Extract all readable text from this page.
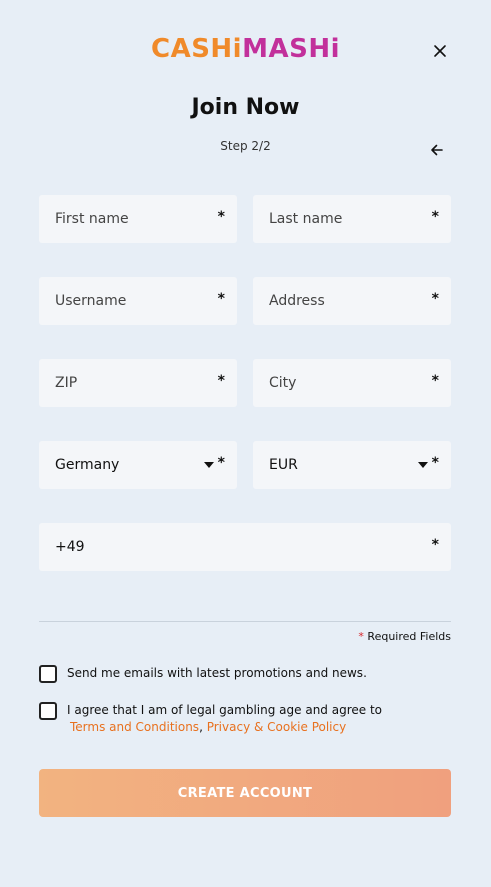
CASHiMASHi
Join Now
Step 2/2
First name	*	Last name	*
Username	*	Address	*
ZIP	*	City	*
Germany	*	EUR	*
+49	*
* Required Fields
Send me emails with latest promotions and news.
I agree that I am of legal gambling age and agree to
Terms and Conditions, Privacy & Cookie Policy
CREATE ACCOUNT
